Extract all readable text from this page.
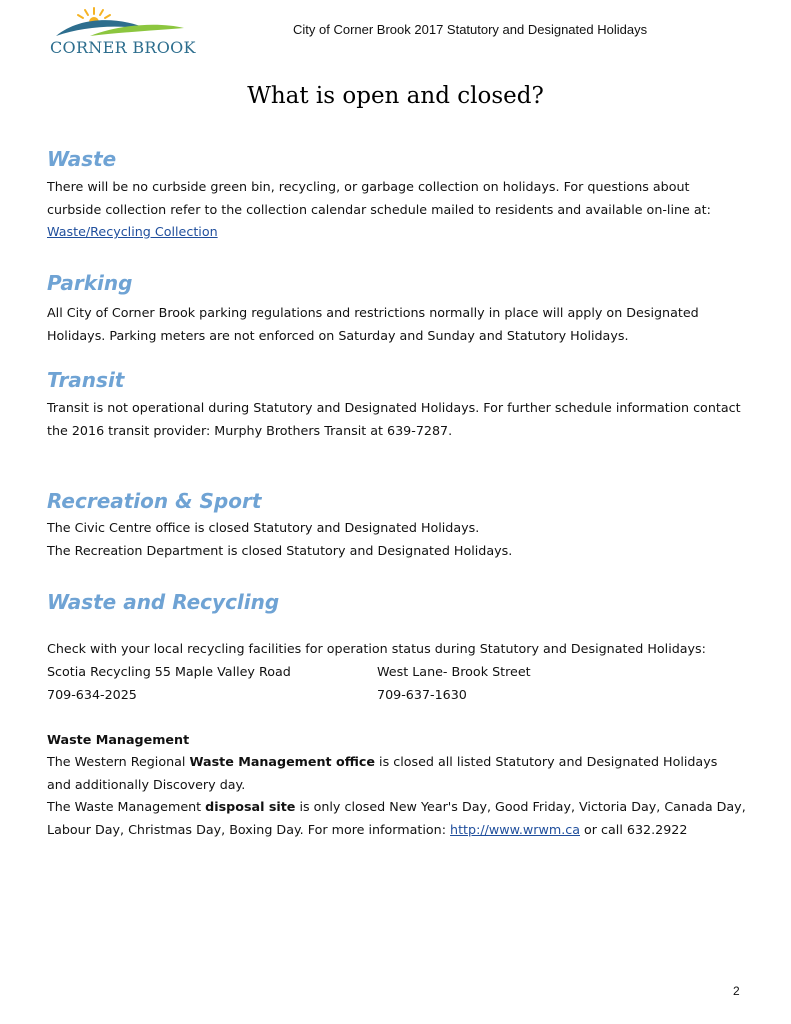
CORNER BROOK
City of Corner Brook 2017 Statutory and Designated Holidays
What is open and closed?
Waste

There will be no curbside green bin, recycling, or garbage collection on holidays. For questions about curbside collection refer to the collection calendar schedule mailed to residents and available on-line at:
Waste/Recycling Collection

Parking

All City of Corner Brook parking regulations and restrictions normally in place will apply on Designated Holidays. Parking meters are not enforced on Saturday and Sunday and Statutory Holidays.

Transit

Transit is not operational during Statutory and Designated Holidays. For further schedule information contact the 2016 transit provider: Murphy Brothers Transit at 639-7287.

Recreation & Sport

The Civic Centre office is closed Statutory and Designated Holidays.

The Recreation Department is closed Statutory and Designated Holidays.

Waste and Recycling

Check with your local recycling facilities for operation status during Statutory and Designated Holidays:

Scotia Recycling 55 Maple Valley Road

709-634-2025

West Lane- Brook Street

709-637-1630

Waste Management

The Western Regional Waste Management office is closed all listed Statutory and Designated Holidays and additionally Discovery day.

The Waste Management disposal site is only closed New Year's Day, Good Friday, Victoria Day, Canada Day, Labour Day, Christmas Day, Boxing Day. For more information: http://www.wrwm.ca or call 632.2922

2
